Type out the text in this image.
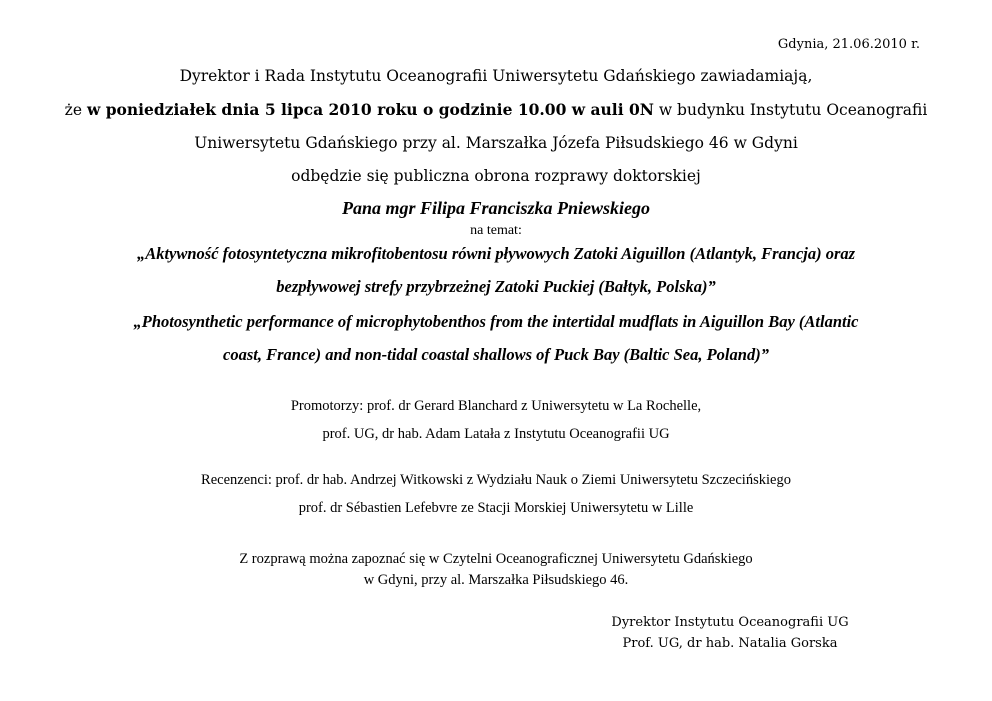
Gdynia, 21.06.2010 r.
Dyrektor i Rada Instytutu Oceanografii Uniwersytetu Gdańskiego zawiadamiają,
że w poniedziałek dnia 5 lipca 2010 roku o godzinie 10.00 w auli 0N w budynku Instytutu Oceanografii
Uniwersytetu Gdańskiego przy al. Marszałka Józefa Piłsudskiego 46 w Gdyni
odbędzie się publiczna obrona rozprawy doktorskiej
Pana mgr Filipa Franciszka Pniewskiego
na temat:
„Aktywność fotosyntetyczna mikrofitobentosu równi pływowych Zatoki Aiguillon (Atlantyk, Francja) oraz
bezpływowej strefy przybrzeżnej Zatoki Puckiej (Bałtyk, Polska)”
„Photosynthetic performance of microphytobenthos from the intertidal mudflats in Aiguillon Bay (Atlantic
coast, France) and non-tidal coastal shallows of Puck Bay (Baltic Sea, Poland)”
Promotorzy: prof. dr Gerard Blanchard z Uniwersytetu w La Rochelle,
prof. UG, dr hab. Adam Latała z Instytutu Oceanografii UG
Recenzenci: prof. dr hab. Andrzej Witkowski z Wydziału Nauk o Ziemi Uniwersytetu Szczecińskiego
prof. dr Sébastien Lefebvre ze Stacji Morskiej Uniwersytetu w Lille
Z rozprawą można zapoznać się w Czytelni Oceanograficznej Uniwersytetu Gdańskiego
w Gdyni, przy al. Marszałka Piłsudskiego 46.
Dyrektor Instytutu Oceanografii UG
Prof. UG, dr hab. Natalia Gorska
